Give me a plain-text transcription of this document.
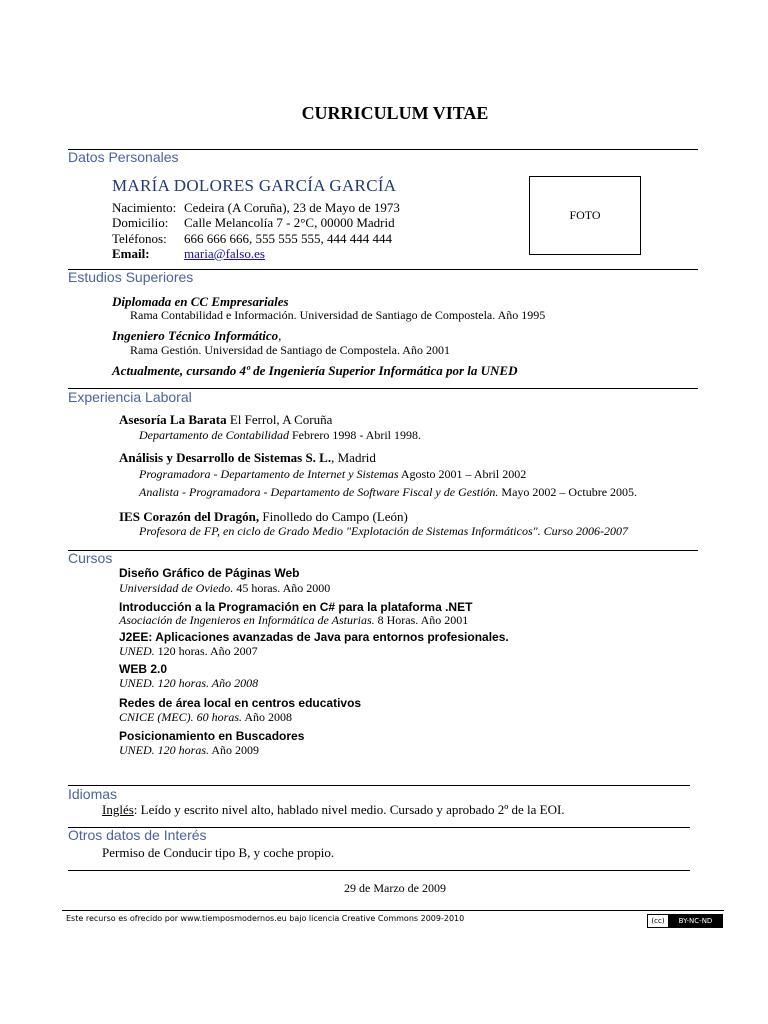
CURRICULUM VITAE
Datos Personales
MARÍA DOLORES GARCÍA GARCÍA
Nacimiento: Cedeira (A Coruña), 23 de Mayo de 1973
Domicilio: Calle Melancolía 7 - 2°C, 00000 Madrid
Teléfonos: 666 666 666, 555 555 555, 444 444 444
Email:	maria@falso.es
FOTO
Estudios Superiores
Diplomada en CC Empresariales
Rama Contabilidad e Información. Universidad de Santiago de Compostela. Año 1995
Ingeniero Técnico Informático,
Rama Gestión. Universidad de Santiago de Compostela. Año 2001
Actualmente, cursando 4º de Ingeniería Superior Informática por la UNED
Experiencia Laboral
Asesoría La Barata El Ferrol, A Coruña
Departamento de Contabilidad Febrero 1998 - Abril 1998.
Análisis y Desarrollo de Sistemas S. L., Madrid
Programadora - Departamento de Internet y Sistemas Agosto 2001 – Abril 2002
Analista - Programadora - Departamento de Software Fiscal y de Gestión. Mayo 2002 – Octubre 2005.
IES Corazón del Dragón, Finolledo do Campo (León)
Profesora de FP, en ciclo de Grado Medio "Explotación de Sistemas Informáticos". Curso 2006-2007
Cursos
Diseño Gráfico de Páginas Web
Universidad de Oviedo. 45 horas. Año 2000
Introducción a la Programación en C# para la plataforma .NET
Asociación de Ingenieros en Informática de Asturias. 8 Horas. Año 2001
J2EE: Aplicaciones avanzadas de Java para entornos profesionales.
UNED. 120 horas. Año 2007
WEB 2.0
UNED. 120 horas. Año 2008
Redes de área local en centros educativos
CNICE (MEC). 60 horas. Año 2008
Posicionamiento en Buscadores
UNED. 120 horas. Año 2009
Idiomas
Inglés: Leído y escrito nivel alto, hablado nivel medio. Cursado y aprobado 2º de la EOI.
Otros datos de Interés
Permiso de Conducir tipo B, y coche propio.
29 de Marzo de 2009
Este recurso es ofrecido por www.tiemposmodernos.eu bajo licencia Creative Commons 2009-2010	(cc)	BY-NC-ND
